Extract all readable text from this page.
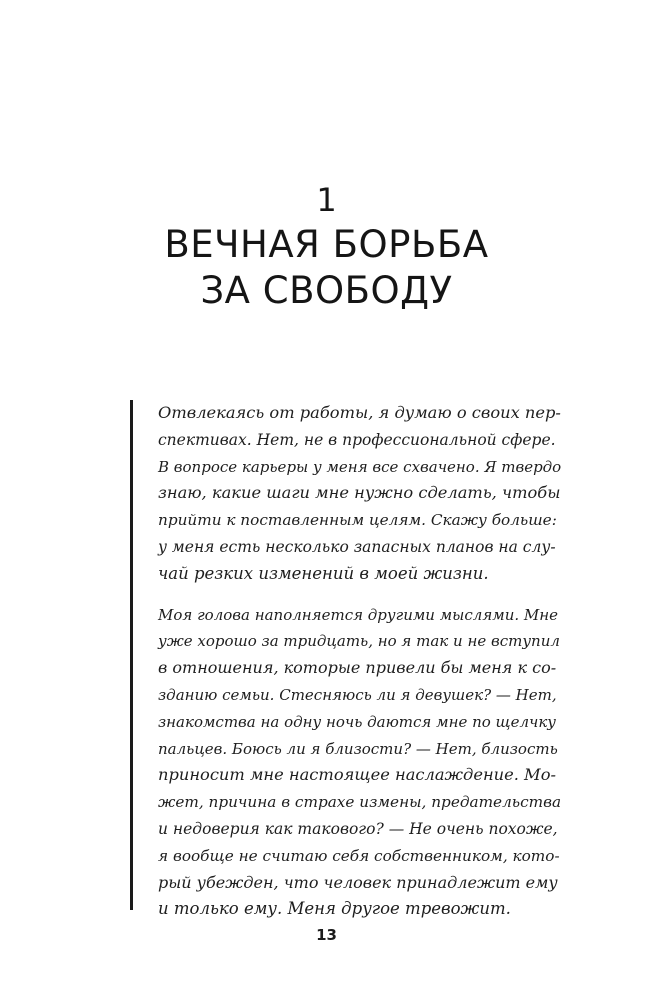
1
ВЕЧНАЯ БОРЬБА
ЗА СВОБОДУ

Отвлекаясь от работы, я думаю о своих пер-
спективах. Нет, не в профессиональной сфере.
В вопросе карьеры у меня все схвачено. Я твердо
знаю, какие шаги мне нужно сделать, чтобы
прийти к поставленным целям. Скажу больше:
у меня есть несколько запасных планов на слу-
чай резких изменений в моей жизни.

Моя голова наполняется другими мыслями. Мне
уже хорошо за тридцать, но я так и не вступил
в отношения, которые привели бы меня к со-
зданию семьи. Стесняюсь ли я девушек? — Нет,
знакомства на одну ночь даются мне по щелчку
пальцев. Боюсь ли я близости? — Нет, близость
приносит мне настоящее наслаждение. Мо-
жет, причина в страхе измены, предательства
и недоверия как такового? — Не очень похоже,
я вообще не считаю себя собственником, кото-
рый убежден, что человек принадлежит ему
и только ему. Меня другое тревожит.

13
